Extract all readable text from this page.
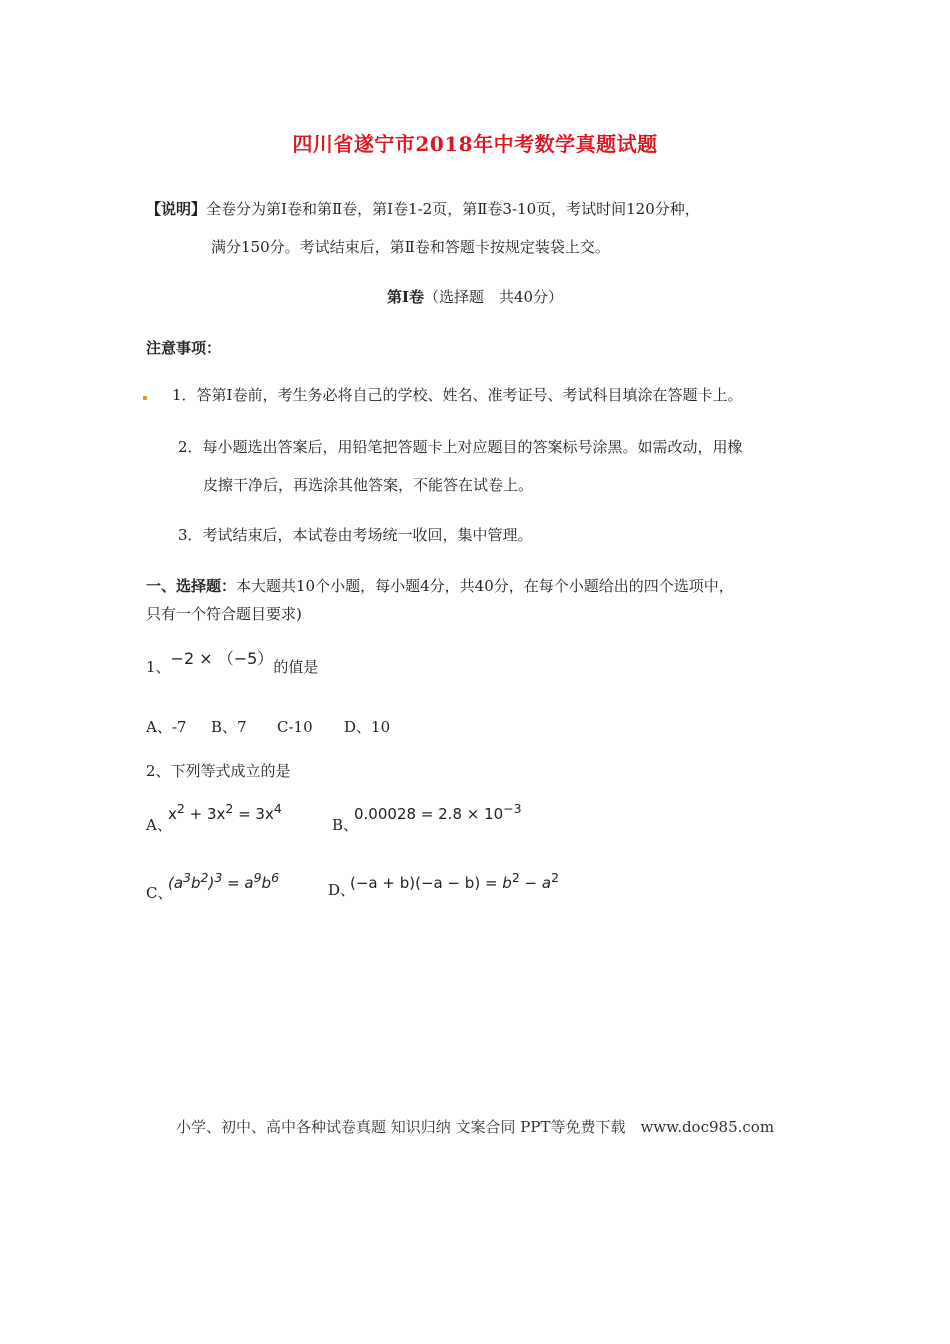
四川省遂宁市2018年中考数学真题试题
【说明】全卷分为第Ⅰ卷和第Ⅱ卷，第Ⅰ卷1-2页，第Ⅱ卷3-10页，考试时间120分种，
满分150分。考试结束后，第Ⅱ卷和答题卡按规定装袋上交。
第Ⅰ卷（选择题　共40分）
注意事项：
1．答第Ⅰ卷前，考生务必将自己的学校、姓名、准考证号、考试科目填涂在答题卡上。
2．每小题选出答案后，用铅笔把答题卡上对应题目的答案标号涂黑。如需改动，用橡
皮擦干净后，再选涂其他答案，不能答在试卷上。
3．考试结束后，本试卷由考场统一收回，集中管理。
一、选择题：本大题共10个小题，每小题4分，共40分，在每个小题给出的四个选项中，
只有一个符合题目要求)
1、−2 × （−5）的值是
A、-7 B、7 C-10 D、10
2、下列等式成立的是
A、
$x^2 + 3x^2 = 3x^4$
B、
$0.00028 = 2.8 \times 10^{-3}$
C、
$(a^3b^2)^3 = a^9b^6$
D、
$(-a + b)(-a - b) = b^2 - a^2$
小学、初中、高中各种试卷真题 知识归纳 文案合同 PPT等免费下载　www.doc985.com
